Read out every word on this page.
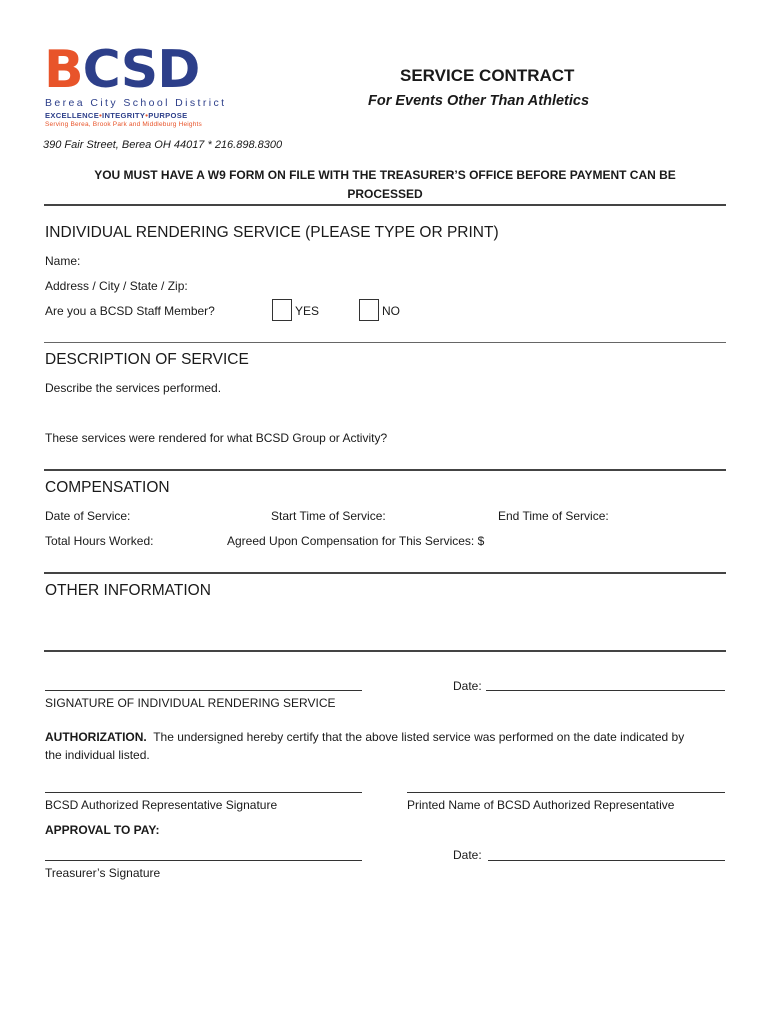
BCSD
Berea City School District
EXCELLENCE•INTEGRITY•PURPOSE
Serving Berea, Brook Park and Middleburg Heights
SERVICE CONTRACT
For Events Other Than Athletics
390 Fair Street, Berea OH 44017 * 216.898.8300
YOU MUST HAVE A W9 FORM ON FILE WITH THE TREASURER’S OFFICE BEFORE PAYMENT CAN BE PROCESSED
INDIVIDUAL RENDERING SERVICE (PLEASE TYPE OR PRINT)
Name:
Address / City / State / Zip:
Are you a BCSD Staff Member?	YES	NO
DESCRIPTION OF SERVICE
Describe the services performed.
These services were rendered for what BCSD Group or Activity?
COMPENSATION
Date of Service:	Start Time of Service:	End Time of Service:
Total Hours Worked:	Agreed Upon Compensation for This Services: $
OTHER INFORMATION
Date:
SIGNATURE OF INDIVIDUAL RENDERING SERVICE
AUTHORIZATION. The undersigned hereby certify that the above listed service was performed on the date indicated by
the individual listed.
BCSD Authorized Representative Signature	Printed Name of BCSD Authorized Representative
APPROVAL TO PAY:
Date:
Treasurer’s Signature
